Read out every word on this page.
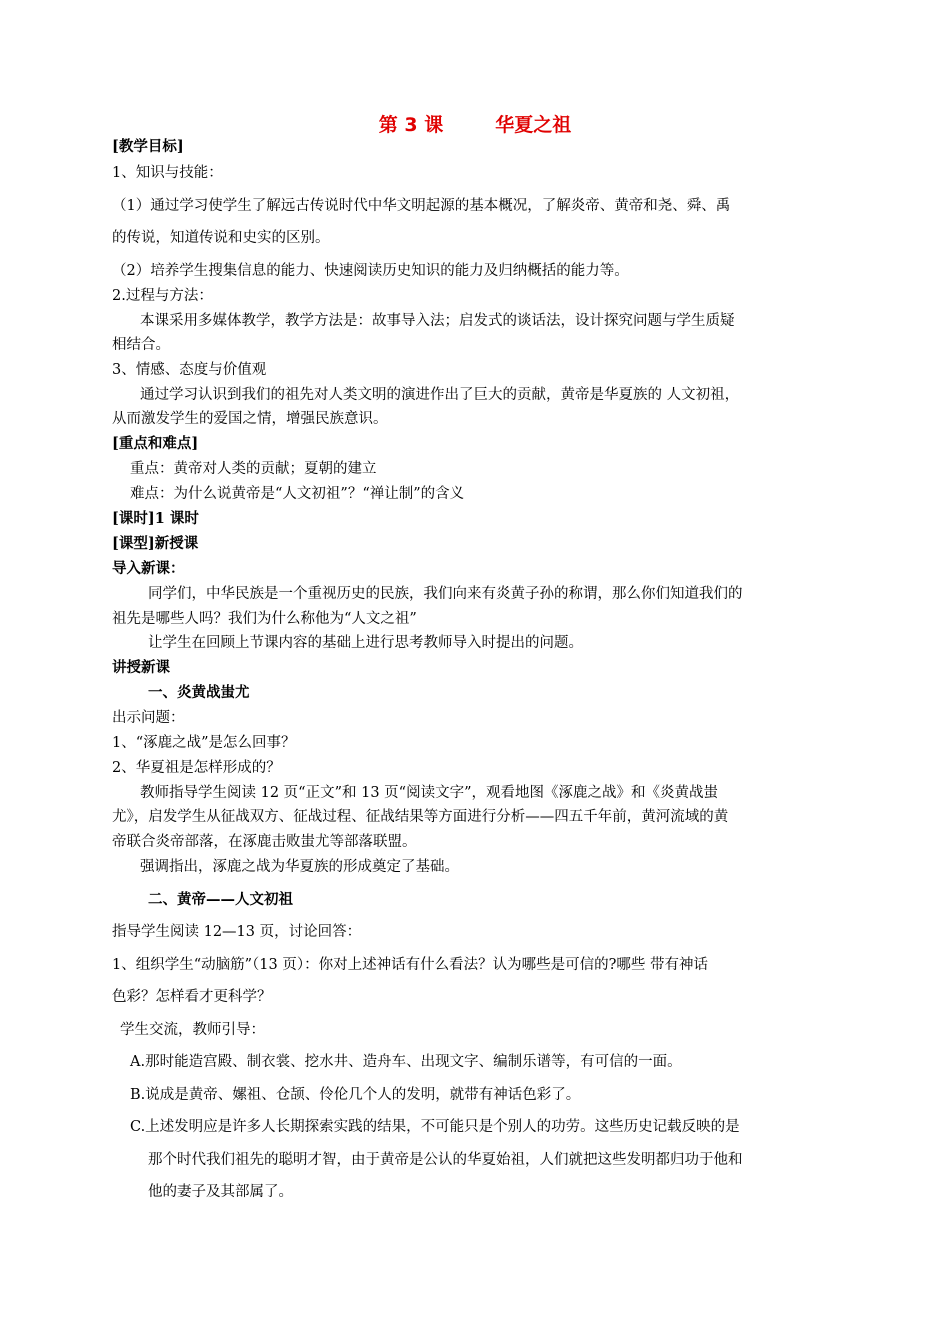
第 3 课	华夏之祖
[教学目标]
1、知识与技能：
（1）通过学习使学生了解远古传说时代中华文明起源的基本概况，了解炎帝、黄帝和尧、舜、禹
的传说，知道传说和史实的区别。
（2）培养学生搜集信息的能力、快速阅读历史知识的能力及归纳概括的能力等。
2.过程与方法：
本课采用多媒体教学，教学方法是：故事导入法；启发式的谈话法，设计探究问题与学生质疑
相结合。
3、情感、态度与价值观
通过学习认识到我们的祖先对人类文明的演进作出了巨大的贡献，黄帝是华夏族的 人文初祖，
从而激发学生的爱国之情，增强民族意识。
[重点和难点]
重点：黄帝对人类的贡献；夏朝的建立
难点：为什么说黄帝是“人文初祖”？“禅让制”的含义
[课时]1 课时
[课型]新授课
导入新课：
同学们，中华民族是一个重视历史的民族，我们向来有炎黄子孙的称谓，那么你们知道我们的
祖先是哪些人吗？我们为什么称他为“人文之祖”
让学生在回顾上节课内容的基础上进行思考教师导入时提出的问题。
讲授新课
一、炎黄战蚩尤
出示问题：
1、“涿鹿之战”是怎么回事？
2、华夏祖是怎样形成的？
教师指导学生阅读 12 页“正文”和 13 页“阅读文字”，观看地图《涿鹿之战》和《炎黄战蚩
尤》，启发学生从征战双方、征战过程、征战结果等方面进行分析——四五千年前，黄河流域的黄
帝联合炎帝部落，在涿鹿击败蚩尤等部落联盟。
强调指出，涿鹿之战为华夏族的形成奠定了基础。
二、黄帝——人文初祖
指导学生阅读 12—13 页，讨论回答：
1、组织学生“动脑筋”（13 页）：你对上述神话有什么看法？认为哪些是可信的?哪些 带有神话
色彩？怎样看才更科学？
学生交流，教师引导：
A.那时能造宫殿、制衣裳、挖水井、造舟车、出现文字、编制乐谱等，有可信的一面。
B.说成是黄帝、嫘祖、仓颉、伶伦几个人的发明，就带有神话色彩了。
C.上述发明应是许多人长期探索实践的结果，不可能只是个别人的功劳。这些历史记载反映的是
那个时代我们祖先的聪明才智，由于黄帝是公认的华夏始祖，人们就把这些发明都归功于他和
他的妻子及其部属了。
